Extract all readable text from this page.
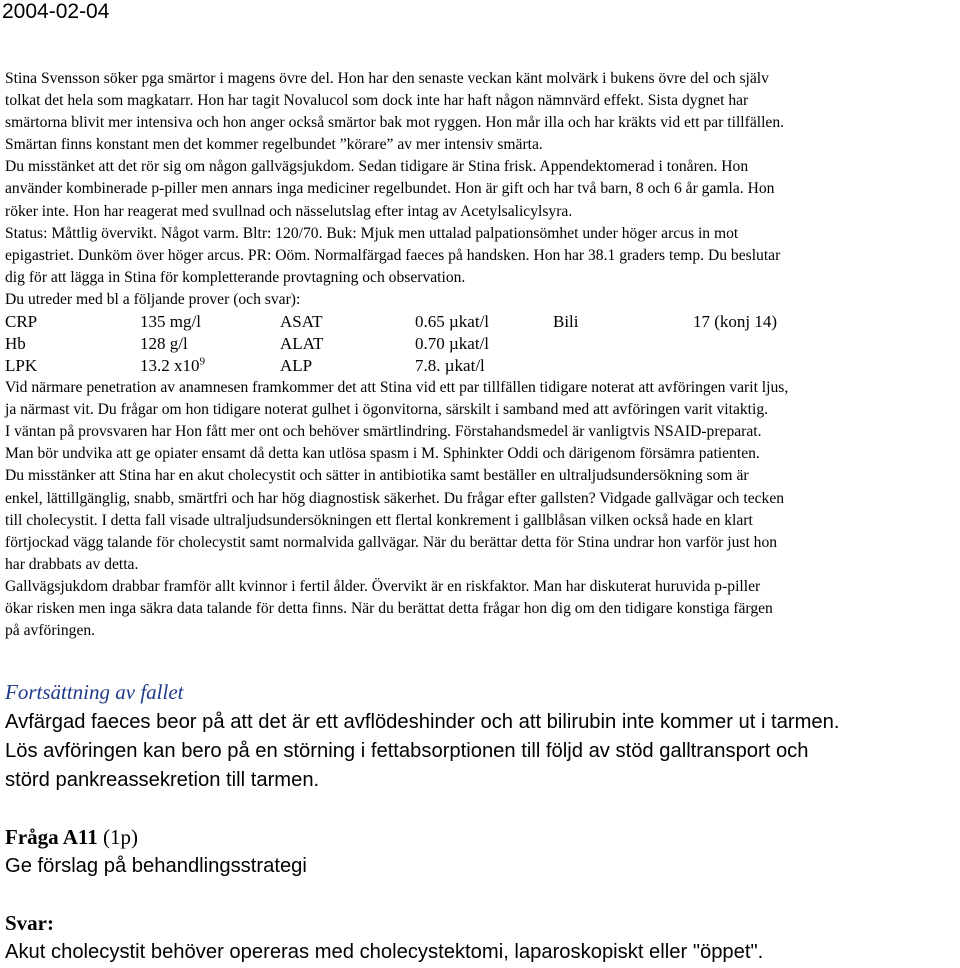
2004-02-04
Stina Svensson söker pga smärtor i magens övre del. Hon har den senaste veckan känt molvärk i bukens övre del och själv
tolkat det hela som magkatarr. Hon har tagit Novalucol som dock inte har haft någon nämnvärd effekt. Sista dygnet har
smärtorna blivit mer intensiva och hon anger också smärtor bak mot ryggen. Hon mår illa och har kräkts vid ett par tillfällen.
Smärtan finns konstant men det kommer regelbundet ”körare” av mer intensiv smärta.
Du misstänket att det rör sig om någon gallvägsjukdom. Sedan tidigare är Stina frisk. Appendektomerad i tonåren. Hon
använder kombinerade p-piller men annars inga mediciner regelbundet. Hon är gift och har två barn, 8 och 6 år gamla. Hon
röker inte. Hon har reagerat med svullnad och nässelutslag efter intag av Acetylsalicylsyra.
Status: Måttlig övervikt. Något varm. Bltr: 120/70. Buk: Mjuk men uttalad palpationsömhet under höger arcus in mot
epigastriet. Dunköm över höger arcus. PR: Oöm. Normalfärgad faeces på handsken. Hon har 38.1 graders temp. Du beslutar
dig för att lägga in Stina för kompletterande provtagning och observation.
Du utreder med bl a följande prover (och svar):
CRP	135 mg/l	ASAT	0.65 µkat/l	Bili	17 (konj 14)
Hb	128 g/l	ALAT	0.70 µkat/l
LPK	13.2 $x10^9$	ALP	7.8. µkat/l
Vid närmare penetration av anamnesen framkommer det att Stina vid ett par tillfällen tidigare noterat att avföringen varit ljus,
ja närmast vit. Du frågar om hon tidigare noterat gulhet i ögonvitorna, särskilt i samband med att avföringen varit vitaktig.
I väntan på provsvaren har Hon fått mer ont och behöver smärtlindring. Förstahandsmedel är vanligtvis NSAID-preparat.
Man bör undvika att ge opiater ensamt då detta kan utlösa spasm i M. Sphinkter Oddi och därigenom försämra patienten.
Du misstänker att Stina har en akut cholecystit och sätter in antibiotika samt beställer en ultraljudsundersökning som är
enkel, lättillgänglig, snabb, smärtfri och har hög diagnostisk säkerhet. Du frågar efter gallsten? Vidgade gallvägar och tecken
till cholecystit. I detta fall visade ultraljudsundersökningen ett flertal konkrement i gallblåsan vilken också hade en klart
förtjockad vägg talande för cholecystit samt normalvida gallvägar. När du berättar detta för Stina undrar hon varför just hon
har drabbats av detta.
Gallvägsjukdom drabbar framför allt kvinnor i fertil ålder. Övervikt är en riskfaktor. Man har diskuterat huruvida p-piller
ökar risken men inga säkra data talande för detta finns. När du berättat detta frågar hon dig om den tidigare konstiga färgen
på avföringen.
Fortsättning av fallet
Avfärgad faeces beor på att det är ett avflödeshinder och att bilirubin inte kommer ut i tarmen.
Lös avföringen kan bero på en störning i fettabsorptionen till följd av stöd galltransport och
störd pankreassekretion till tarmen.
Fråga A11 (1p)
Ge förslag på behandlingsstrategi
Svar:
Akut cholecystit behöver opereras med cholecystektomi, laparoskopiskt eller "öppet".
